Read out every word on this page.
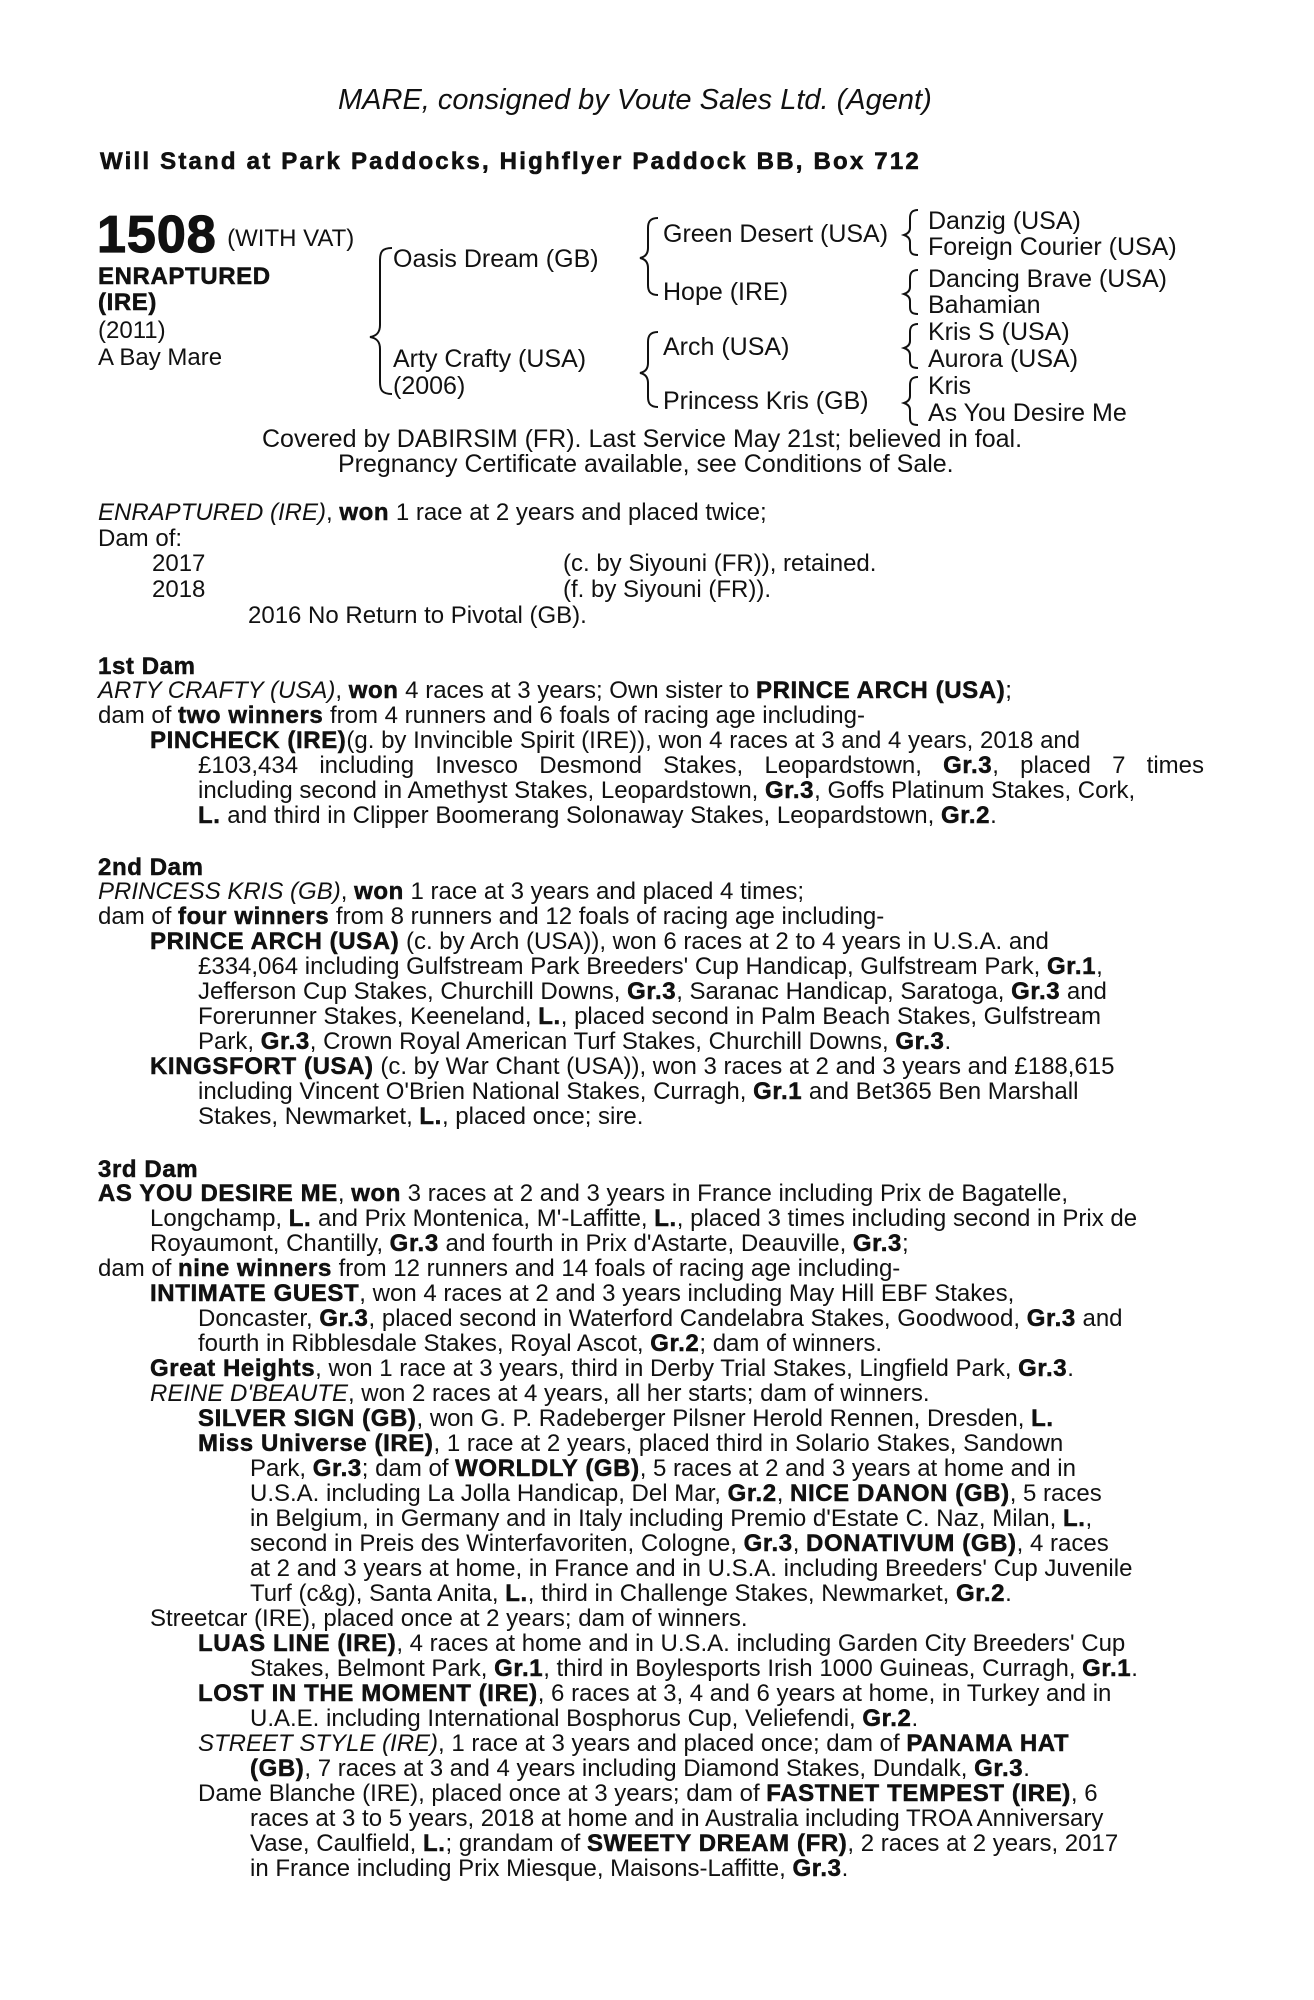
MARE, consigned by Voute Sales Ltd. (Agent)
Will Stand at Park Paddocks, Highflyer Paddock BB, Box 712
1508 (WITH VAT)
ENRAPTURED
(IRE)
(2011)
A Bay Mare
Oasis Dream (GB)
Arty Crafty (USA)
(2006)
Green Desert (USA)
Hope (IRE)
Arch (USA)
Princess Kris (GB)
Danzig (USA)
Foreign Courier (USA)
Dancing Brave (USA)
Bahamian
Kris S (USA)
Aurora (USA)
Kris
As You Desire Me
Covered by DABIRSIM (FR). Last Service May 21st; believed in foal.
Pregnancy Certificate available, see Conditions of Sale.
ENRAPTURED (IRE), won 1 race at 2 years and placed twice;
Dam of:
2017	(c. by Siyouni (FR)), retained.
2018	(f. by Siyouni (FR)).
2016 No Return to Pivotal (GB).
1st Dam
ARTY CRAFTY (USA), won 4 races at 3 years; Own sister to PRINCE ARCH (USA);
dam of two winners from 4 runners and 6 foals of racing age including-
PINCHECK (IRE)(g. by Invincible Spirit (IRE)), won 4 races at 3 and 4 years, 2018 and
£103,434 including Invesco Desmond Stakes, Leopardstown, Gr.3, placed 7 times
including second in Amethyst Stakes, Leopardstown, Gr.3, Goffs Platinum Stakes, Cork,
L. and third in Clipper Boomerang Solonaway Stakes, Leopardstown, Gr.2.
2nd Dam
PRINCESS KRIS (GB), won 1 race at 3 years and placed 4 times;
dam of four winners from 8 runners and 12 foals of racing age including-
PRINCE ARCH (USA) (c. by Arch (USA)), won 6 races at 2 to 4 years in U.S.A. and
£334,064 including Gulfstream Park Breeders' Cup Handicap, Gulfstream Park, Gr.1,
Jefferson Cup Stakes, Churchill Downs, Gr.3, Saranac Handicap, Saratoga, Gr.3 and
Forerunner Stakes, Keeneland, L., placed second in Palm Beach Stakes, Gulfstream
Park, Gr.3, Crown Royal American Turf Stakes, Churchill Downs, Gr.3.
KINGSFORT (USA) (c. by War Chant (USA)), won 3 races at 2 and 3 years and £188,615
including Vincent O'Brien National Stakes, Curragh, Gr.1 and Bet365 Ben Marshall
Stakes, Newmarket, L., placed once; sire.
3rd Dam
AS YOU DESIRE ME, won 3 races at 2 and 3 years in France including Prix de Bagatelle,
Longchamp, L. and Prix Montenica, M'-Laffitte, L., placed 3 times including second in Prix de
Royaumont, Chantilly, Gr.3 and fourth in Prix d'Astarte, Deauville, Gr.3;
dam of nine winners from 12 runners and 14 foals of racing age including-
INTIMATE GUEST, won 4 races at 2 and 3 years including May Hill EBF Stakes,
Doncaster, Gr.3, placed second in Waterford Candelabra Stakes, Goodwood, Gr.3 and
fourth in Ribblesdale Stakes, Royal Ascot, Gr.2; dam of winners.
Great Heights, won 1 race at 3 years, third in Derby Trial Stakes, Lingfield Park, Gr.3.
REINE D'BEAUTE, won 2 races at 4 years, all her starts; dam of winners.
SILVER SIGN (GB), won G. P. Radeberger Pilsner Herold Rennen, Dresden, L.
Miss Universe (IRE), 1 race at 2 years, placed third in Solario Stakes, Sandown
Park, Gr.3; dam of WORLDLY (GB), 5 races at 2 and 3 years at home and in
U.S.A. including La Jolla Handicap, Del Mar, Gr.2, NICE DANON (GB), 5 races
in Belgium, in Germany and in Italy including Premio d'Estate C. Naz, Milan, L.,
second in Preis des Winterfavoriten, Cologne, Gr.3, DONATIVUM (GB), 4 races
at 2 and 3 years at home, in France and in U.S.A. including Breeders' Cup Juvenile
Turf (c&g), Santa Anita, L., third in Challenge Stakes, Newmarket, Gr.2.
Streetcar (IRE), placed once at 2 years; dam of winners.
LUAS LINE (IRE), 4 races at home and in U.S.A. including Garden City Breeders' Cup
Stakes, Belmont Park, Gr.1, third in Boylesports Irish 1000 Guineas, Curragh, Gr.1.
LOST IN THE MOMENT (IRE), 6 races at 3, 4 and 6 years at home, in Turkey and in
U.A.E. including International Bosphorus Cup, Veliefendi, Gr.2.
STREET STYLE (IRE), 1 race at 3 years and placed once; dam of PANAMA HAT
(GB), 7 races at 3 and 4 years including Diamond Stakes, Dundalk, Gr.3.
Dame Blanche (IRE), placed once at 3 years; dam of FASTNET TEMPEST (IRE), 6
races at 3 to 5 years, 2018 at home and in Australia including TROA Anniversary
Vase, Caulfield, L.; grandam of SWEETY DREAM (FR), 2 races at 2 years, 2017
in France including Prix Miesque, Maisons-Laffitte, Gr.3.
